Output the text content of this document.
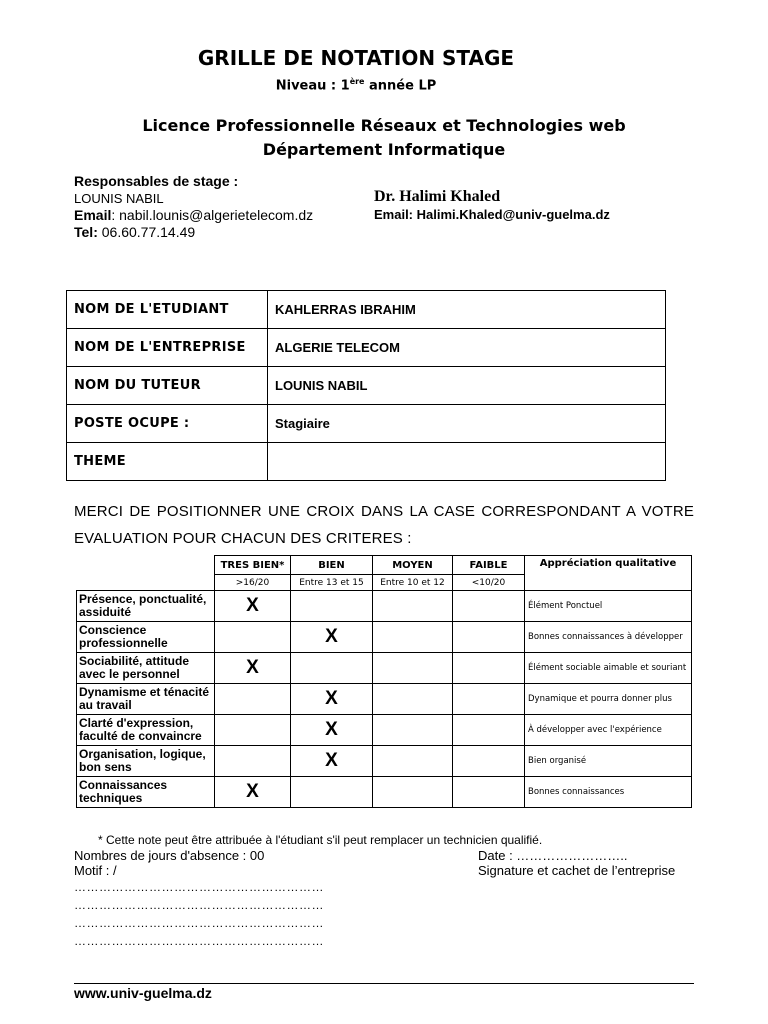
GRILLE DE NOTATION STAGE
Niveau : 1ère année LP
Licence Professionnelle Réseaux et Technologies web
Département Informatique
Responsables de stage :
LOUNIS NABIL
Email: nabil.lounis@algerietelecom.dz
Tel: 06.60.77.14.49
Dr. Halimi Khaled
Email: Halimi.Khaled@univ-guelma.dz
NOM DE L'ETUDIANT	KAHLERRAS IBRAHIM
NOM DE L'ENTREPRISE	ALGERIE TELECOM
NOM DU TUTEUR	LOUNIS NABIL
POSTE OCUPE :	Stagiaire
THEME	
MERCI DE POSITIONNER UNE CROIX DANS LA CASE CORRESPONDANT A VOTRE EVALUATION POUR CHACUN DES CRITERES :
	TRES BIEN*	BIEN	MOYEN	FAIBLE	Appréciation qualitative
	>16/20	Entre 13 et 15	Entre 10 et 12	<10/20	
Présence, ponctualité, assiduité	X				Élément Ponctuel
Conscience professionnelle		X			Bonnes connaissances à développer
Sociabilité, attitude avec le personnel	X				Élément sociable aimable et souriant
Dynamisme et ténacité au travail		X			Dynamique et pourra donner plus
Clarté d'expression, faculté de convaincre		X			À développer avec l'expérience
Organisation, logique, bon sens		X			Bien organisé
Connaissances techniques	X				Bonnes connaissances
* Cette note peut être attribuée à l'étudiant s'il peut remplacer un technicien qualifié.
Nombres de jours d'absence : 00	Date : ……………………..
Motif : /	Signature et cachet de l’entreprise
……………………………………………………
……………………………………………………
……………………………………………………
……………………………………………………
www.univ-guelma.dz
